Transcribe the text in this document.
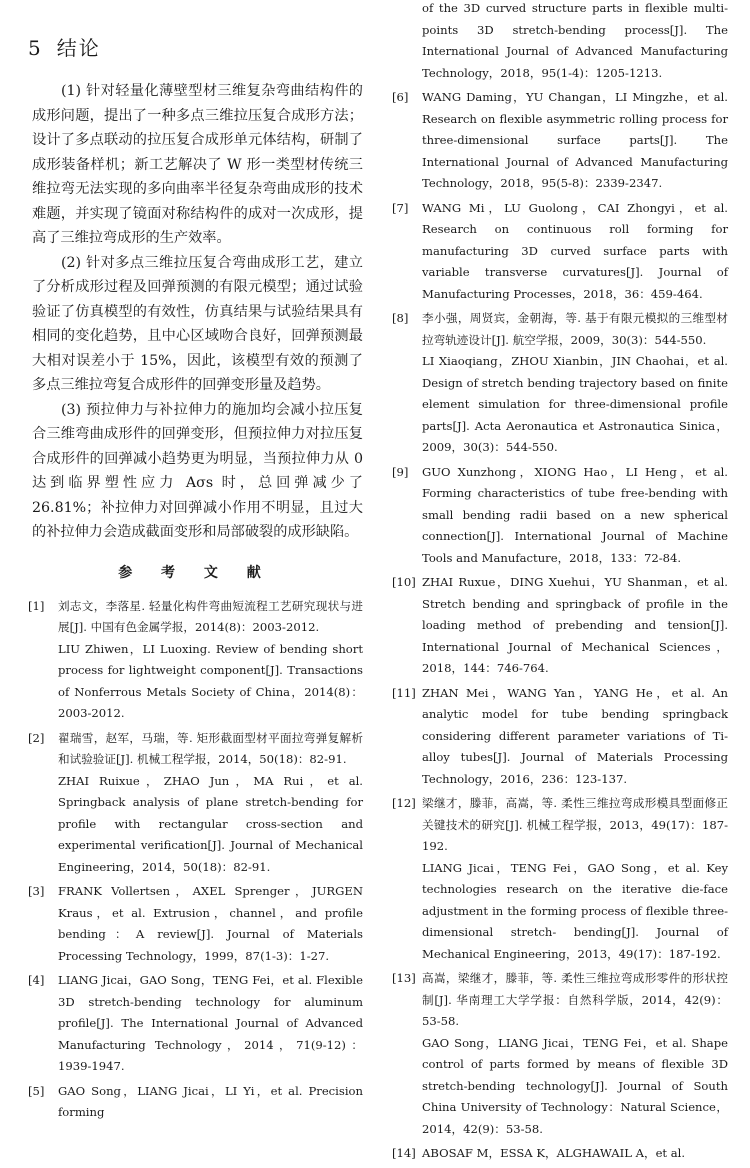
5 结论

(1) 针对轻量化薄壁型材三维复杂弯曲结构件的成形问题，提出了一种多点三维拉压复合成形方法；设计了多点联动的拉压复合成形单元体结构，研制了成形装备样机；新工艺解决了 W 形一类型材传统三维拉弯无法实现的多向曲率半径复杂弯曲成形的技术难题，并实现了镜面对称结构件的成对一次成形，提高了三维拉弯成形的生产效率。

(2) 针对多点三维拉压复合弯曲成形工艺，建立了分析成形过程及回弹预测的有限元模型；通过试验验证了仿真模型的有效性，仿真结果与试验结果具有相同的变化趋势，且中心区域吻合良好，回弹预测最大相对误差小于 15%，因此，该模型有效的预测了多点三维拉弯复合成形件的回弹变形量及趋势。

(3) 预拉伸力与补拉伸力的施加均会减小拉压复合三维弯曲成形件的回弹变形，但预拉伸力对拉压复合成形件的回弹减小趋势更为明显，当预拉伸力从 0 达到临界塑性应力 Aσs 时，总回弹减少了 26.81%；补拉伸力对回弹减小作用不明显，且过大的补拉伸力会造成截面变形和局部破裂的成形缺陷。

参 考 文 献
[1]	刘志文，李落星. 轻量化构件弯曲短流程工艺研究现状与进展[J]. 中国有色金属学报，2014(8)：2003-2012.
LIU Zhiwen，LI Luoxing. Review of bending short process for lightweight component[J]. Transactions of Nonferrous Metals Society of China，2014(8)：2003-2012.
[2]	翟瑞雪，赵军，马瑞，等. 矩形截面型材平面拉弯弹复解析和试验验证[J]. 机械工程学报，2014，50(18)：82-91.
ZHAI Ruixue，ZHAO Jun，MA Rui，et al. Springback analysis of plane stretch-bending for profile with rectangular cross-section and experimental verification[J]. Journal of Mechanical Engineering，2014，50(18)：82-91.
[3]	FRANK Vollertsen，AXEL Sprenger，JURGEN Kraus，et al. Extrusion，channel，and profile bending：A review[J]. Journal of Materials Processing Technology，1999，87(1-3)：1-27.
[4]	LIANG Jicai，GAO Song，TENG Fei，et al. Flexible 3D stretch-bending technology for aluminum profile[J]. The International Journal of Advanced Manufacturing Technology，2014，71(9-12)：1939-1947.
[5]	GAO Song，LIANG Jicai，LI Yi，et al. Precision forming
of the 3D curved structure parts in flexible multi-points 3D stretch-bending process[J]. The International Journal of Advanced Manufacturing Technology，2018，95(1-4)：1205-1213.
[6]	WANG Daming，YU Changan，LI Mingzhe，et al. Research on flexible asymmetric rolling process for three-dimensional surface parts[J]. The International Journal of Advanced Manufacturing Technology，2018，95(5-8)：2339-2347.
[7]	WANG Mi，LU Guolong，CAI Zhongyi，et al. Research on continuous roll forming for manufacturing 3D curved surface parts with variable transverse curvatures[J]. Journal of Manufacturing Processes，2018，36：459-464.
[8]	李小强，周贤宾，金朝海，等. 基于有限元模拟的三维型材拉弯轨迹设计[J]. 航空学报，2009，30(3)：544-550.
LI Xiaoqiang，ZHOU Xianbin，JIN Chaohai，et al. Design of stretch bending trajectory based on finite element simulation for three-dimensional profile parts[J]. Acta Aeronautica et Astronautica Sinica，2009，30(3)：544-550.
[9]	GUO Xunzhong，XIONG Hao，LI Heng，et al. Forming characteristics of tube free-bending with small bending radii based on a new spherical connection[J]. International Journal of Machine Tools and Manufacture，2018，133：72-84.
[10] ZHAI Ruxue，DING Xuehui，YU Shanman，et al. Stretch bending and springback of profile in the loading method of prebending and tension[J]. International Journal of Mechanical Sciences，2018，144：746-764.
[11] ZHAN Mei，WANG Yan，YANG He，et al. An analytic model for tube bending springback considering different parameter variations of Ti-alloy tubes[J]. Journal of Materials Processing Technology，2016，236：123-137.
[12] 梁继才，滕菲，高嵩，等. 柔性三维拉弯成形模具型面修正关键技术的研究[J]. 机械工程学报，2013，49(17)：187-192.
LIANG Jicai，TENG Fei，GAO Song，et al. Key technologies research on the iterative die-face adjustment in the forming process of flexible three-dimensional stretch- bending[J]. Journal of Mechanical Engineering，2013，49(17)：187-192.
[13] 高嵩，梁继才，滕菲，等. 柔性三维拉弯成形零件的形状控制[J]. 华南理工大学学报：自然科学版，2014，42(9)：53-58.
GAO Song，LIANG Jicai，TENG Fei，et al. Shape control of parts formed by means of flexible 3D stretch-bending technology[J]. Journal of South China University of Technology：Natural Science，2014，42(9)：53-58.
[14] ABOSAF M，ESSA K，ALGHAWAIL A，et al.
